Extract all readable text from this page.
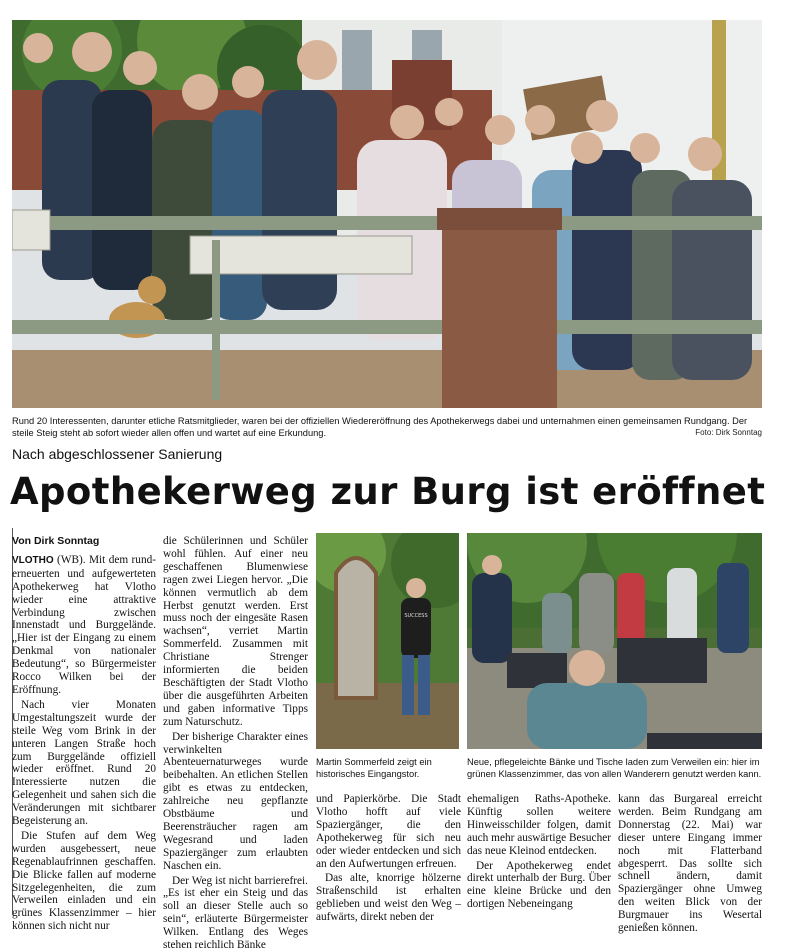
Rund 20 Interessenten, darunter etliche Ratsmitglieder, waren bei der offiziellen Wiedereröffnung des Apothekerwegs dabei und unternahmen einen gemeinsamen Rundgang. Der steile Steig steht ab sofort wieder allen offen und wartet auf eine Erkundung.	Foto: Dirk Sonntag
Nach abgeschlossener Sanierung
Apothekerweg zur Burg ist eröffnet

Von Dirk Sonntag

VLOTHO (WB). Mit dem rund-erneuerten und aufgewerteten Apothekerweg hat Vlotho wieder eine attraktive Verbindung zwischen Innenstadt und Burggelände. „Hier ist der Eingang zu einem Denkmal von nationaler Bedeutung“, so Bürgermeister Rocco Wilken bei der Eröffnung.

Nach vier Monaten Umgestaltungszeit wurde der steile Weg vom Brink in der unteren Langen Straße hoch zum Burggelände offiziell wieder eröffnet. Rund 20 Interessierte nutzen die Gelegenheit und sahen sich die Veränderungen mit sichtbarer Begeisterung an.

Die Stufen auf dem Weg wurden ausgebessert, neue Regenablaufrinnen geschaffen. Die Blicke fallen auf moderne Sitzgelegenheiten, die zum Verweilen einladen und ein grünes Klassenzimmer – hier können sich nicht nur

die Schülerinnen und Schüler wohl fühlen. Auf einer neu geschaffenen Blumenwiese ragen zwei Liegen hervor. „Die können vermutlich ab dem Herbst genutzt werden. Erst muss noch der eingesäte Rasen wachsen“, verriet Martin Sommerfeld. Zusammen mit Christiane Strenger informierten die beiden Beschäftigten der Stadt Vlotho über die ausgeführten Arbeiten und gaben informative Tipps zum Naturschutz.

Der bisherige Charakter eines verwinkelten Abenteuernaturweges wurde beibehalten. An etlichen Stellen gibt es etwas zu entdecken, zahlreiche neu gepflanzte Obstbäume und Beerensträucher ragen am Wegesrand und laden Spaziergänger zum erlaubten Naschen ein.

Der Weg ist nicht barrierefrei. „Es ist eher ein Steig und das soll an dieser Stelle auch so sein“, erläuterte Bürgermeister Wilken. Entlang des Weges stehen reichlich Bänke

SUCCESS
Martin Sommerfeld zeigt ein historisches Eingangstor.
Neue, pflegeleichte Bänke und Tische laden zum Verweilen ein: hier im grünen Klassenzimmer, das von allen Wanderern genutzt werden kann.

und Papierkörbe. Die Stadt Vlotho hofft auf viele Spaziergänger, die den Apothekerweg für sich neu oder wieder entdecken und sich an den Aufwertungen erfreuen.

Das alte, knorrige hölzerne Straßenschild ist erhalten geblieben und weist den Weg – aufwärts, direkt neben der

ehemaligen Raths-Apotheke. Künftig sollen weitere Hinweisschilder folgen, damit auch mehr auswärtige Besucher das neue Kleinod entdecken.

Der Apothekerweg endet direkt unterhalb der Burg. Über eine kleine Brücke und den dortigen Nebeneingang

kann das Burgareal erreicht werden. Beim Rundgang am Donnerstag (22. Mai) war dieser untere Eingang immer noch mit Flatterband abgesperrt. Das sollte sich schnell ändern, damit Spaziergänger ohne Umweg den weiten Blick von der Burgmauer ins Wesertal genießen können.
